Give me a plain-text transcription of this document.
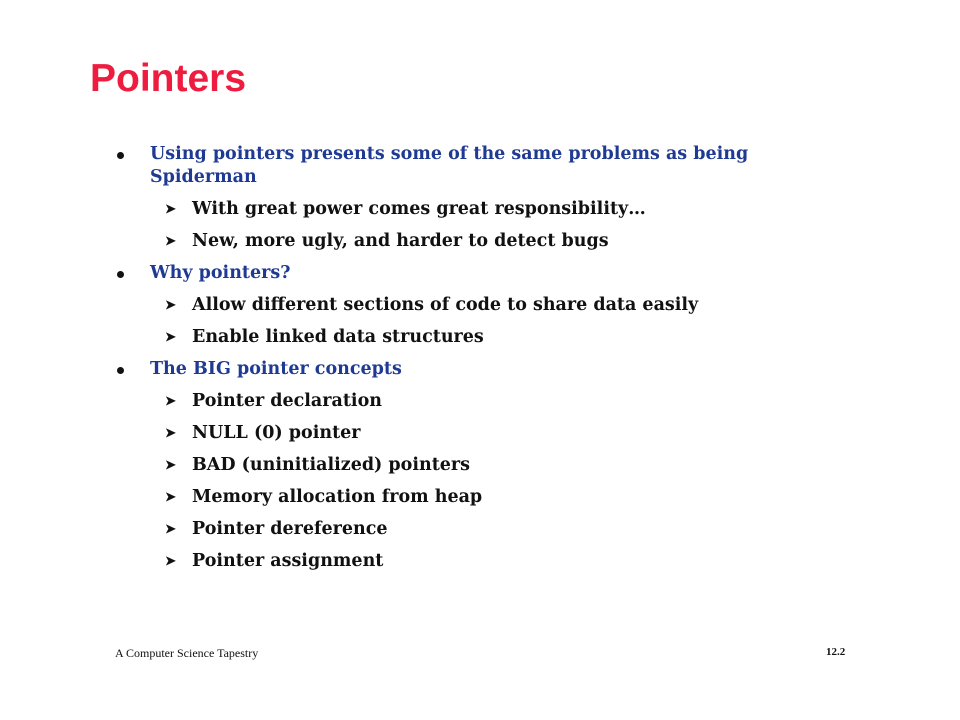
Pointers
Using pointers presents some of the same problems as being Spiderman
➤ With great power comes great responsibility…
➤ New, more ugly, and harder to detect bugs
Why pointers?
➤ Allow different sections of code to share data easily
➤ Enable linked data structures
The BIG pointer concepts
➤ Pointer declaration
➤ NULL (0) pointer
➤ BAD (uninitialized) pointers
➤ Memory allocation from heap
➤ Pointer dereference
➤ Pointer assignment
A Computer Science Tapestry	12.2
